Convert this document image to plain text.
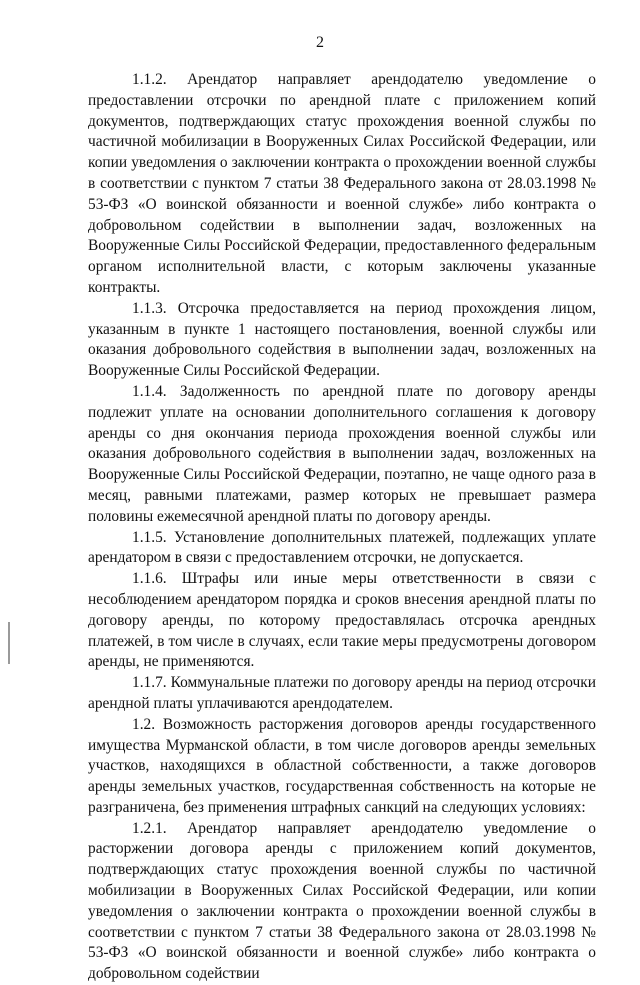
2

1.1.2. Арендатор направляет арендодателю уведомление о предоставлении отсрочки по арендной плате с приложением копий документов, подтверждающих статус прохождения военной службы по частичной мобилизации в Вооруженных Силах Российской Федерации, или копии уведомления о заключении контракта о прохождении военной службы в соответствии с пунктом 7 статьи 38 Федерального закона от 28.03.1998 № 53-ФЗ «О воинской обязанности и военной службе» либо контракта о добровольном содействии в выполнении задач, возложенных на Вооруженные Силы Российской Федерации, предоставленного федеральным органом исполнительной власти, с которым заключены указанные контракты.

1.1.3. Отсрочка предоставляется на период прохождения лицом, указанным в пункте 1 настоящего постановления, военной службы или оказания добровольного содействия в выполнении задач, возложенных на Вооруженные Силы Российской Федерации.

1.1.4. Задолженность по арендной плате по договору аренды подлежит уплате на основании дополнительного соглашения к договору аренды со дня окончания периода прохождения военной службы или оказания добровольного содействия в выполнении задач, возложенных на Вооруженные Силы Российской Федерации, поэтапно, не чаще одного раза в месяц, равными платежами, размер которых не превышает размера половины ежемесячной арендной платы по договору аренды.

1.1.5. Установление дополнительных платежей, подлежащих уплате арендатором в связи с предоставлением отсрочки, не допускается.

1.1.6. Штрафы или иные меры ответственности в связи с несоблюдением арендатором порядка и сроков внесения арендной платы по договору аренды, по которому предоставлялась отсрочка арендных платежей, в том числе в случаях, если такие меры предусмотрены договором аренды, не применяются.

1.1.7. Коммунальные платежи по договору аренды на период отсрочки арендной платы уплачиваются арендодателем.

1.2. Возможность расторжения договоров аренды государственного имущества Мурманской области, в том числе договоров аренды земельных участков, находящихся в областной собственности, а также договоров аренды земельных участков, государственная собственность на которые не разграничена, без применения штрафных санкций на следующих условиях:

1.2.1. Арендатор направляет арендодателю уведомление о расторжении договора аренды с приложением копий документов, подтверждающих статус прохождения военной службы по частичной мобилизации в Вооруженных Силах Российской Федерации, или копии уведомления о заключении контракта о прохождении военной службы в соответствии с пунктом 7 статьи 38 Федерального закона от 28.03.1998 № 53-ФЗ «О воинской обязанности и военной службе» либо контракта о добровольном содействии
